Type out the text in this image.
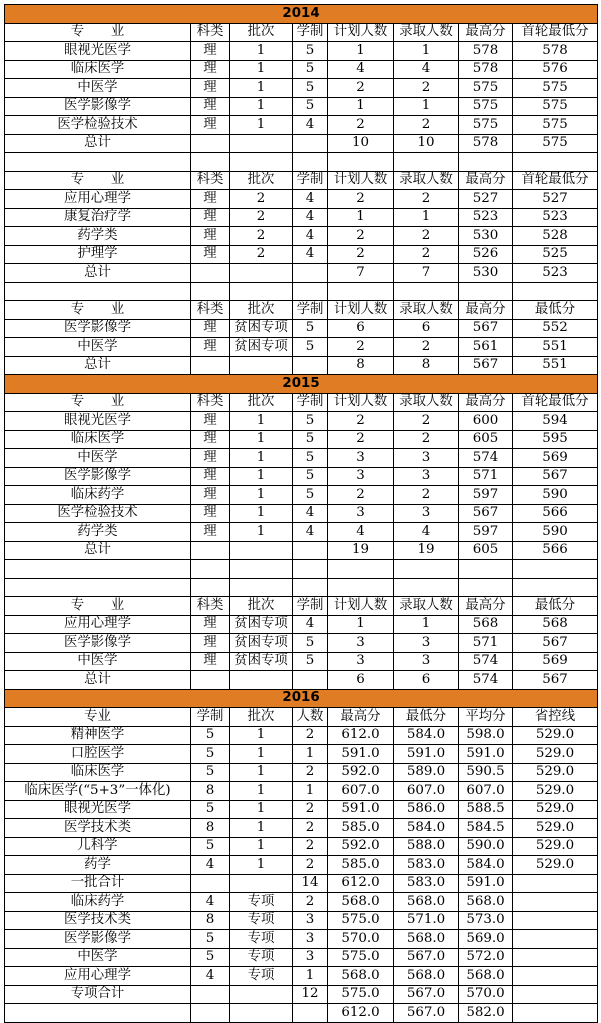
2014							
专　　业	科类	批次	学制	计划人数	录取人数	最高分	首轮最低分
眼视光医学	理	1	5	1	1	578	578
临床医学	理	1	5	4	4	578	576
中医学	理	1	5	2	2	575	575
医学影像学	理	1	5	1	1	575	575
医学检验技术	理	1	4	2	2	575	575
总计				10	10	578	575

专　　业	科类	批次	学制	计划人数	录取人数	最高分	首轮最低分
应用心理学	理	2	4	2	2	527	527
康复治疗学	理	2	4	1	1	523	523
药学类	理	2	4	2	2	530	528
护理学	理	2	4	2	2	526	525
总计				7	7	530	523

专　　业	科类	批次	学制	计划人数	录取人数	最高分	最低分
医学影像学	理	贫困专项	5	6	6	567	552
中医学	理	贫困专项	5	2	2	561	551
总计				8	8	567	551
2015							
专　　业	科类	批次	学制	计划人数	录取人数	最高分	首轮最低分
眼视光医学	理	1	5	2	2	600	594
临床医学	理	1	5	2	2	605	595
中医学	理	1	5	3	3	574	569
医学影像学	理	1	5	3	3	571	567
临床药学	理	1	5	2	2	597	590
医学检验技术	理	1	4	3	3	567	566
药学类	理	1	4	4	4	597	590
总计				19	19	605	566

专　　业	科类	批次	学制	计划人数	录取人数	最高分	最低分
应用心理学	理	贫困专项	4	1	1	568	568
医学影像学	理	贫困专项	5	3	3	571	567
中医学	理	贫困专项	5	3	3	574	569
总计				6	6	574	567
2016							
专业	学制	批次	人数	最高分	最低分	平均分	省控线
精神医学	5	1	2	612.0	584.0	598.0	529.0
口腔医学	5	1	1	591.0	591.0	591.0	529.0
临床医学	5	1	2	592.0	589.0	590.5	529.0
临床医学(“5+3”一体化)	8	1	1	607.0	607.0	607.0	529.0
眼视光医学	5	1	2	591.0	586.0	588.5	529.0
医学技术类	8	1	2	585.0	584.0	584.5	529.0
儿科学	5	1	2	592.0	588.0	590.0	529.0
药学	4	1	2	585.0	583.0	584.0	529.0
一批合计			14	612.0	583.0	591.0	
临床药学	4	专项	2	568.0	568.0	568.0	
医学技术类	8	专项	3	575.0	571.0	573.0	
医学影像学	5	专项	3	570.0	568.0	569.0	
中医学	5	专项	3	575.0	567.0	572.0	
应用心理学	4	专项	1	568.0	568.0	568.0	
专项合计			12	575.0	567.0	570.0	
				612.0	567.0	582.0	
